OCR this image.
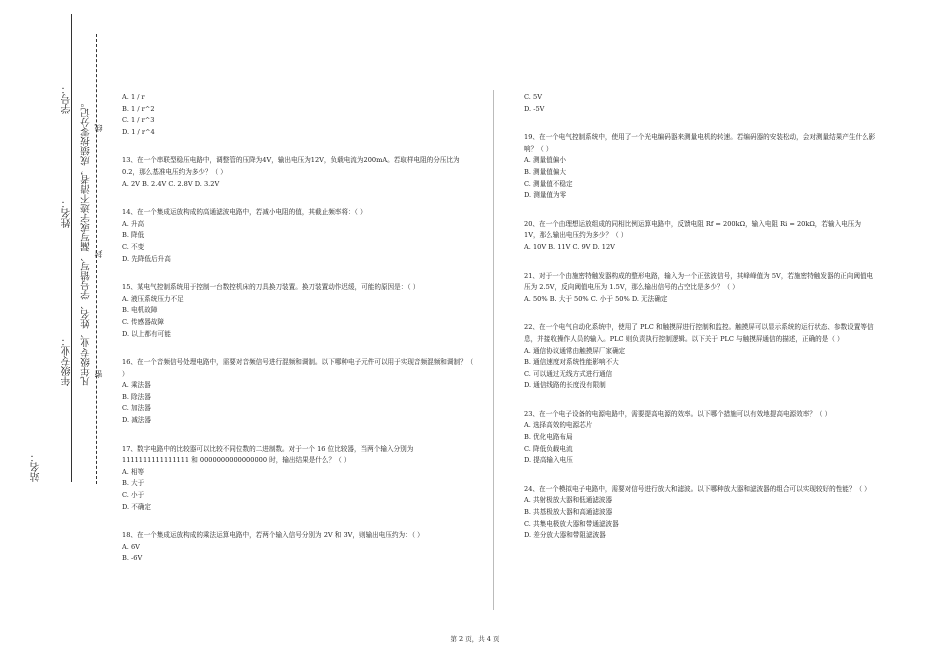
学号：
姓名：
年级专业：
站名：
凡年级专业、姓名、学号错写、漏写或字迹不清者，成绩按零分记。 线
封
密
A. 1 / r
B. 1 / r^2
C. 1 / r^3
D. 1 / r^4

13、在一个串联型稳压电路中，调整管的压降为4V，输出电压为12V，负载电流为200mA。若取样电阻的分压比为0.2，那么基准电压约为多少？（ ）

A. 2V B. 2.4V C. 2.8V D. 3.2V

14、在一个集成运放构成的高通滤波电路中，若减小电阻的值，其截止频率将：（ ）

A. 升高
B. 降低
C. 不变
D. 先降低后升高

15、某电气控制系统用于控制一台数控机床的刀具换刀装置。换刀装置动作迟缓，可能的原因是：（ ）

A. 液压系统压力不足
B. 电机故障
C. 传感器故障
D. 以上都有可能

16、在一个音频信号处理电路中，需要对音频信号进行混频和调制。以下哪种电子元件可以用于实现音频混频和调制？（ ）

A. 乘法器
B. 除法器
C. 加法器
D. 减法器

17、数字电路中的比较器可以比较不同位数的二进制数。对于一个 16 位比较器，当两个输入分别为 1111111111111111 和 0000000000000000 时，输出结果是什么？（ ）

A. 相等
B. 大于
C. 小于
D. 不确定

18、在一个集成运放构成的乘法运算电路中，若两个输入信号分别为 2V 和 3V，则输出电压约为：（ ）

A. 6V
B. -6V
C. 5V
D. -5V

19、在一个电气控制系统中，使用了一个光电编码器来测量电机的转速。若编码器的安装松动，会对测量结果产生什么影响？（ ）

A. 测量值偏小
B. 测量值偏大
C. 测量值不稳定
D. 测量值为零

20、在一个由理想运放组成的同相比例运算电路中，反馈电阻 Rf = 200kΩ，输入电阻 Ri = 20kΩ，若输入电压为 1V，那么输出电压约为多少？（ ）

A. 10V B. 11V C. 9V D. 12V

21、对于一个由施密特触发器构成的整形电路，输入为一个正弦波信号，其峰峰值为 5V，若施密特触发器的正向阈值电压为 2.5V，反向阈值电压为 1.5V，那么输出信号的占空比是多少？（ ）

A. 50% B. 大于 50% C. 小于 50% D. 无法确定

22、在一个电气自动化系统中，使用了 PLC 和触摸屏进行控制和监控。触摸屏可以显示系统的运行状态、参数设置等信息，并接收操作人员的输入。PLC 则负责执行控制逻辑。以下关于 PLC 与触摸屏通信的描述，正确的是（ ）

A. 通信协议通常由触摸屏厂家确定
B. 通信速度对系统性能影响不大
C. 可以通过无线方式进行通信
D. 通信线路的长度没有限制

23、在一个电子设备的电源电路中，需要提高电源的效率。以下哪个措施可以有效地提高电源效率？（ ）

A. 选择高效的电源芯片
B. 优化电路布局
C. 降低负载电流
D. 提高输入电压

24、在一个模拟电子电路中，需要对信号进行放大和滤波。以下哪种放大器和滤波器的组合可以实现较好的性能？（ ）

A. 共射极放大器和低通滤波器
B. 共基极放大器和高通滤波器
C. 共集电极放大器和带通滤波器
D. 差分放大器和带阻滤波器
第 2 页，共 4 页
